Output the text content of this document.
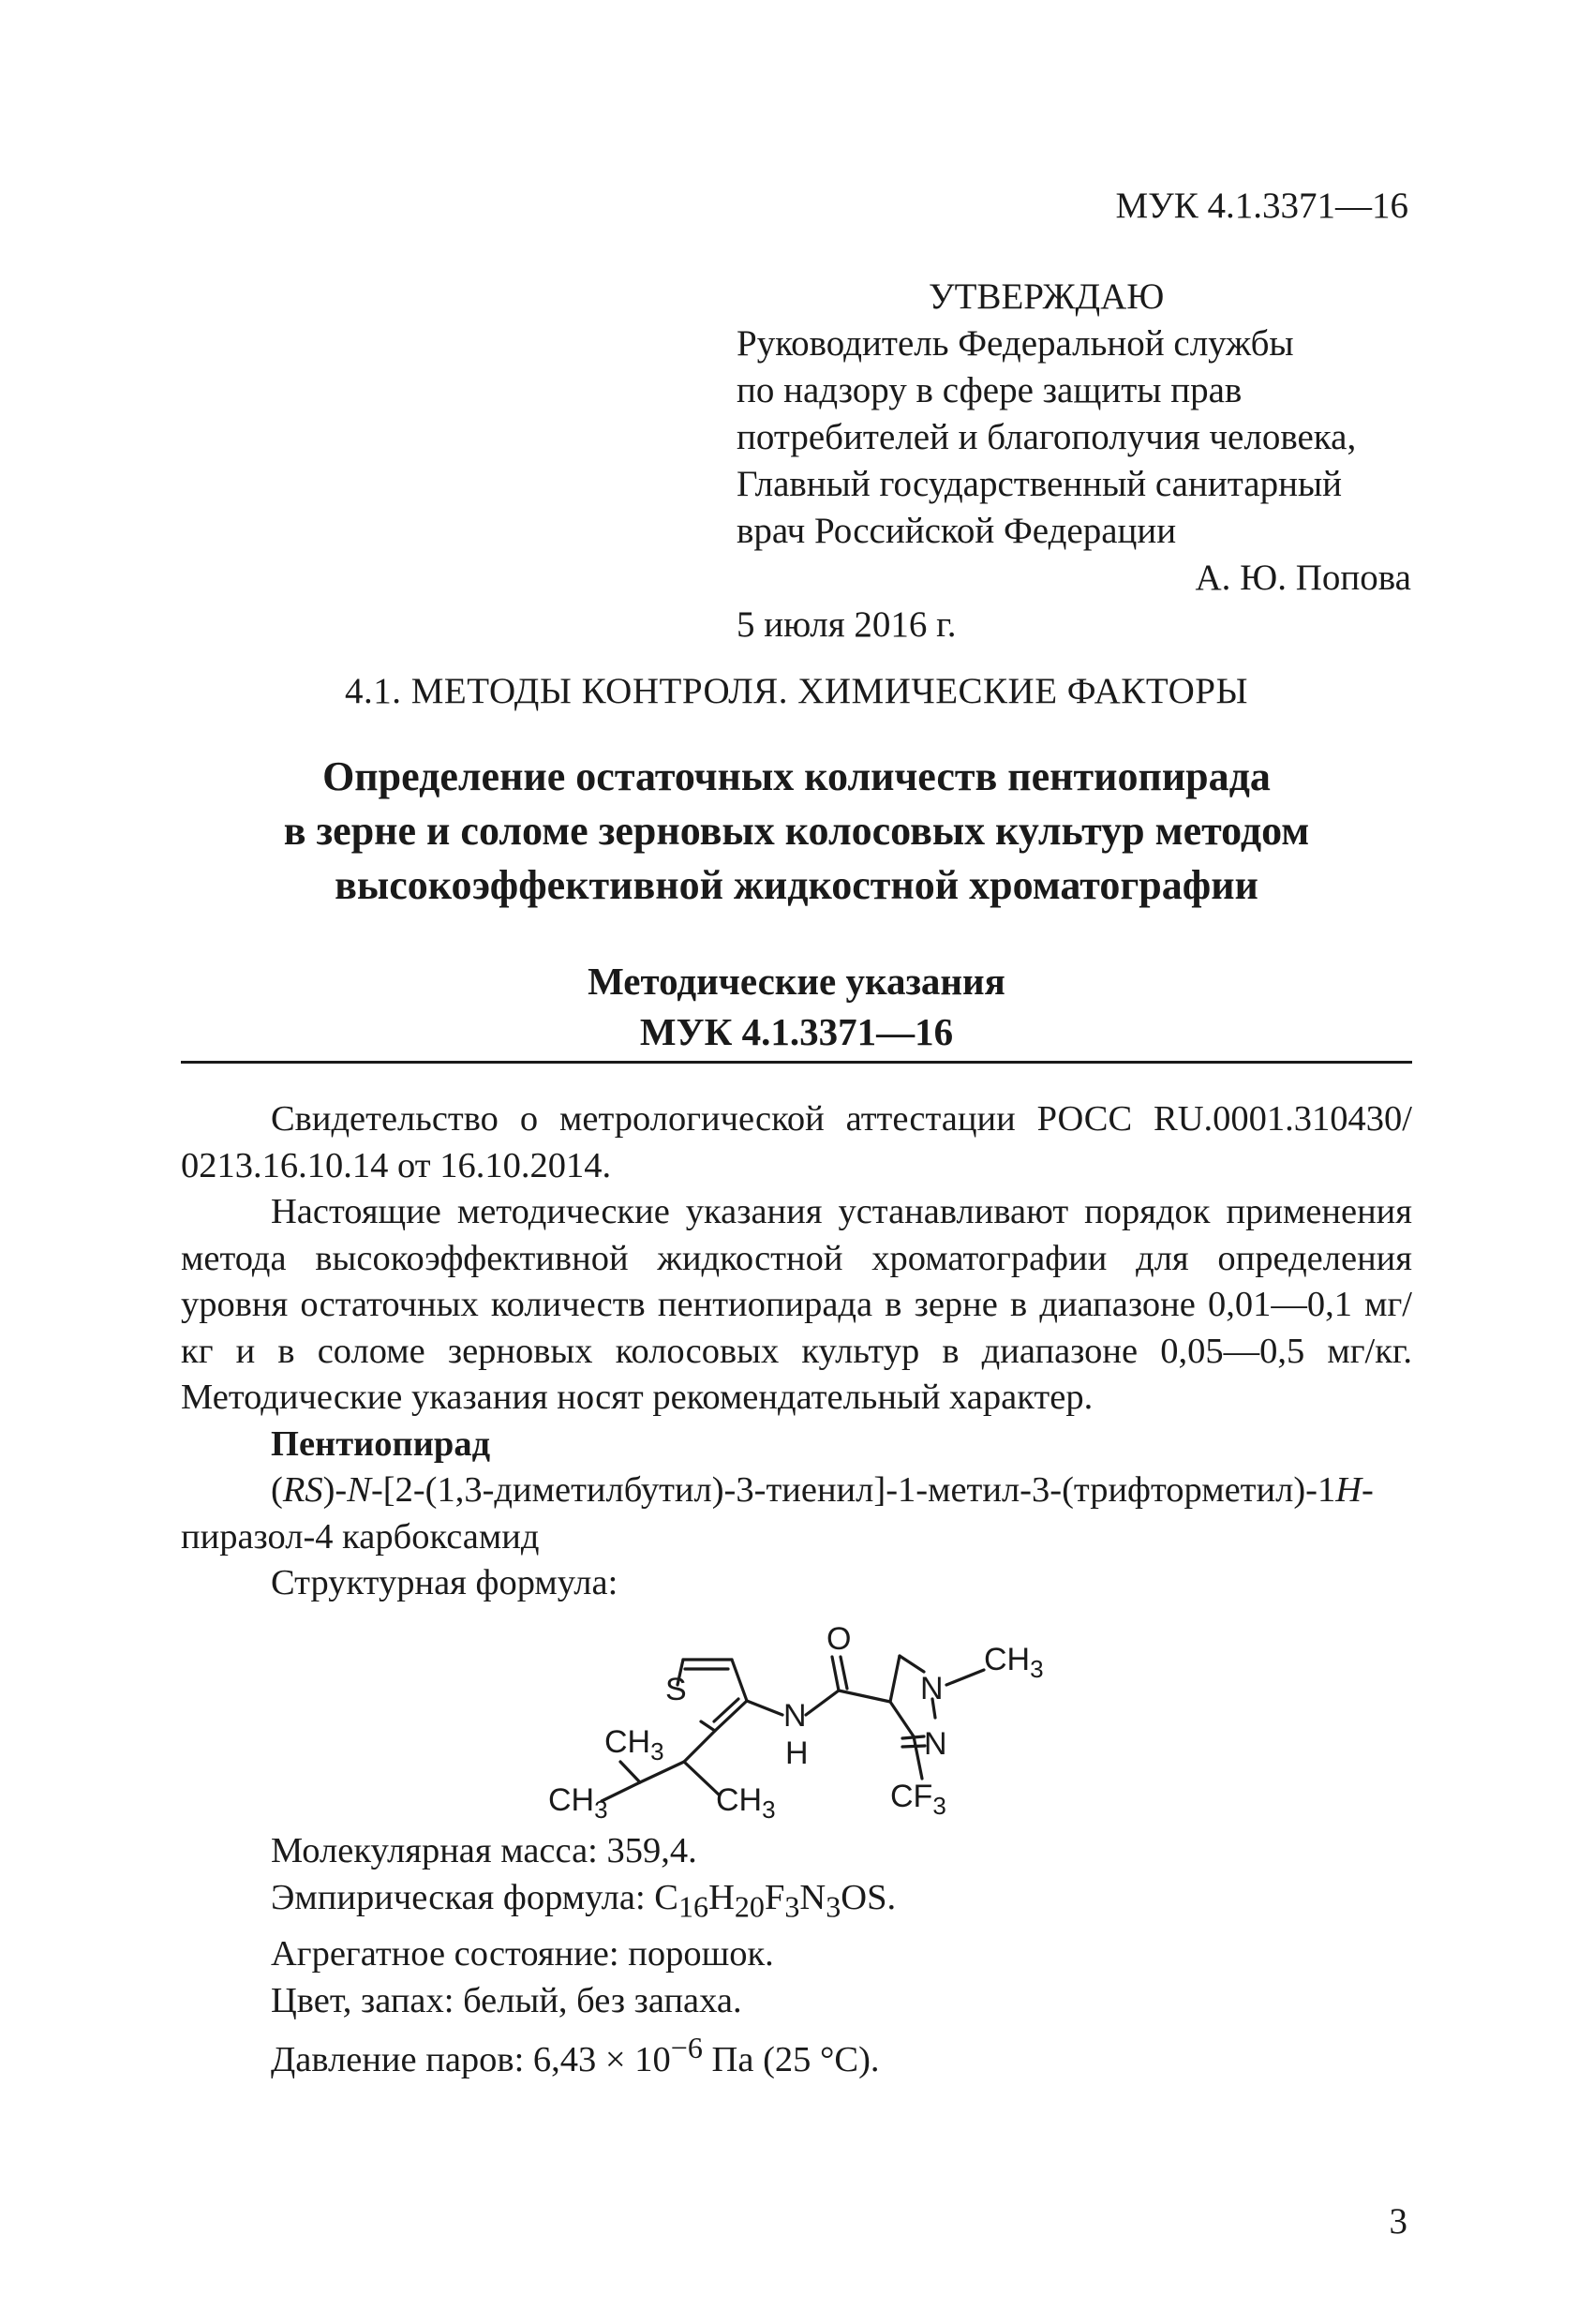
МУК 4.1.3371—16
УТВЕРЖДАЮ
Руководитель Федеральной службы
по надзору в сфере защиты прав
потребителей и благополучия человека,
Главный государственный санитарный
врач Российской Федерации
А. Ю. Попова
5 июля 2016 г.
4.1. МЕТОДЫ КОНТРОЛЯ. ХИМИЧЕСКИЕ ФАКТОРЫ
Определение остаточных количеств пентиопирада
в зерне и соломе зерновых колосовых культур методом
высокоэффективной жидкостной хроматографии
Методические указания
МУК 4.1.3371—16

Свидетельство о метрологической аттестации РОСС RU.0001.310430/ 0213.16.10.14 от 16.10.2014.

Настоящие методические указания устанавливают порядок применения метода высокоэффективной жидкостной хроматографии для определения уровня остаточных количеств пентиопирада в зерне в диапазоне 0,01—0,1 мг/кг и в соломе зерновых колосовых культур в диапазоне 0,05—0,5 мг/кг. Методические указания носят рекомендательный характер.

Пентиопирад

(RS)-N-[2-(1,3-диметилбутил)-3-тиенил]-1-метил-3-(трифторметил)-1H-пиразол-4 карбоксамид

Структурная формула:

O
N
$CH_3$
N
$CF_3$
N
H
S
$CH_3$
$CH_3$	$CH_3$
Молекулярная масса: 359,4.
Эмпирическая формула: $C_{16}H_{20}F_3N_3OS$.
Агрегатное состояние: порошок.
Цвет, запах: белый, без запаха.
Давление паров: $6,43 \times 10^{-6}$ Па (25 °C).
3
